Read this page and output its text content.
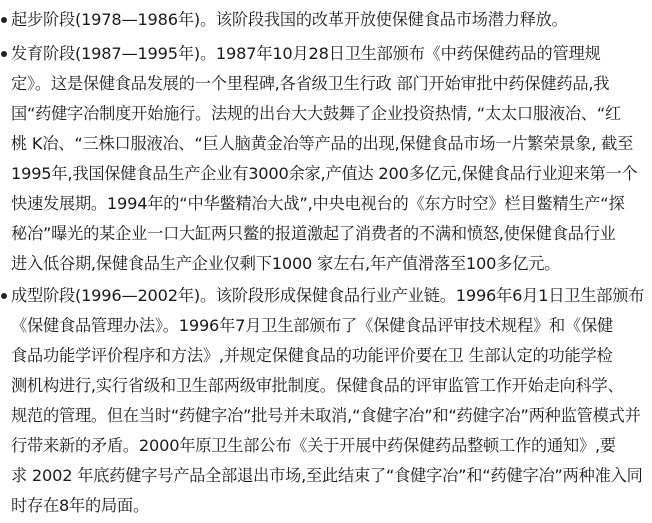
起步阶段(1978—1986年)。该阶段我国的改革开放使保健食品市场潜力释放。
发育阶段(1987—1995年)。1987年10月28日卫生部颁布《中药保健药品的管理规
定》。这是保健食品发展的一个里程碑,各省级卫生行政 部门开始审批中药保健药品,我
国“药健字冶制度开始施行。法规的出台大大鼓舞了企业投资热情, “太太口服液冶、“红
桃 K冶、“三株口服液冶、“巨人脑黄金冶等产品的出现,保健食品市场一片繁荣景象, 截至
1995年,我国保健食品生产企业有3000余家,产值达 200多亿元,保健食品行业迎来第一个
快速发展期。1994年的“中华鳖精冶大战”,中央电视台的《东方时空》栏目鳖精生产“探
秘冶”曝光的某企业一口大缸两只鳖的报道激起了消费者的不满和愤怒,使保健食品行业
进入低谷期,保健食品生产企业仅剩下1000 家左右,年产值滑落至100多亿元。
成型阶段(1996—2002年)。该阶段形成保健食品行业产业链。1996年6月1日卫生部颁布
《保健食品管理办法》。1996年7月卫生部颁布了《保健食品评审技术规程》和《保健
食品功能学评价程序和方法》,并规定保健食品的功能评价要在卫 生部认定的功能学检
测机构进行,实行省级和卫生部两级审批制度。保健食品的评审监管工作开始走向科学、
规范的管理。但在当时“药健字冶”批号并未取消,“食健字冶”和“药健字冶”两种监管模式并
行带来新的矛盾。2000年原卫生部公布《关于开展中药保健药品整顿工作的通知》,要
求 2002 年底药健字号产品全部退出市场,至此结束了“食健字冶”和“药健字冶”两种准入同
时存在8年的局面。
